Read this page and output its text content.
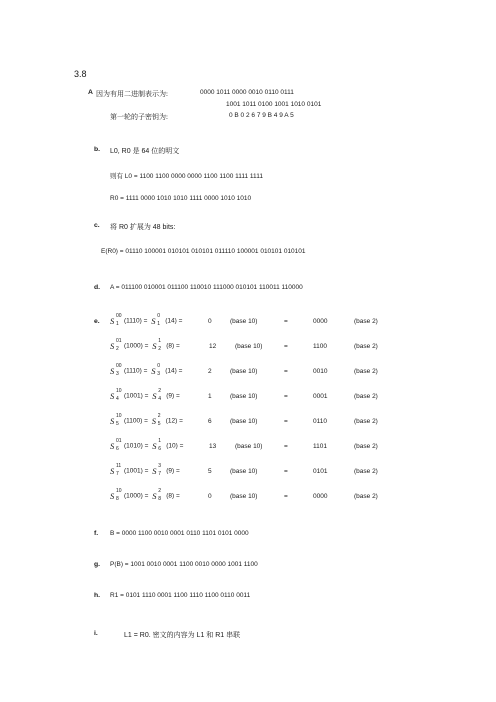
3.8
A 因为有用二进制表示为:	0000 1011 0000 0010 0110 0111
1001 1011 0100 1001 1010 0101
第一轮的子密钥为:	0 B 0 2 6 7 9 B 4 9 A 5
b. L0, R0 是 64 位的明文
则有 L0 = 1100 1100 0000 0000 1100 1100 1111 1111
R0 = 1111 0000 1010 1010 1111 0000 1010 1010
c. 将 R0 扩展为 48 bits:
E(R0) = 01110 100001 010101 010101 011110 100001 010101 010101
d. A = 011100 010001 011100 110010 111000 010101 110011 110000
e. S 00
1 (1110) = S 0
1 (14) =	0	(base 10)	=	0000	(base 2)
S 01
2 (1000) = S 1
2 (8) =	12	(base 10)	=	1100	(base 2)
S 00
3 (1110) = S 0
3 (14) =	2	(base 10)	=	0010	(base 2)
S 10
4 (1001) = S 2
4 (9) =	1	(base 10)	=	0001	(base 2)
S 10
5 (1100) = S 2
5 (12) =	6	(base 10)	=	0110	(base 2)
S 01
6 (1010) = S 1
6 (10) =	13	(base 10)	=	1101	(base 2)
S 11
7 (1001) = S 3
7 (9) =	5	(base 10)	=	0101	(base 2)
S 10
8 (1000) = S 2
8 (8) =	0	(base 10)	=	0000	(base 2)
f. B = 0000 1100 0010 0001 0110 1101 0101 0000
g. P(B) = 1001 0010 0001 1100 0010 0000 1001 1100
h. R1 = 0101 1110 0001 1100 1110 1100 0110 0011
i.	L1 = R0. 密文的内容为 L1 和 R1 串联
